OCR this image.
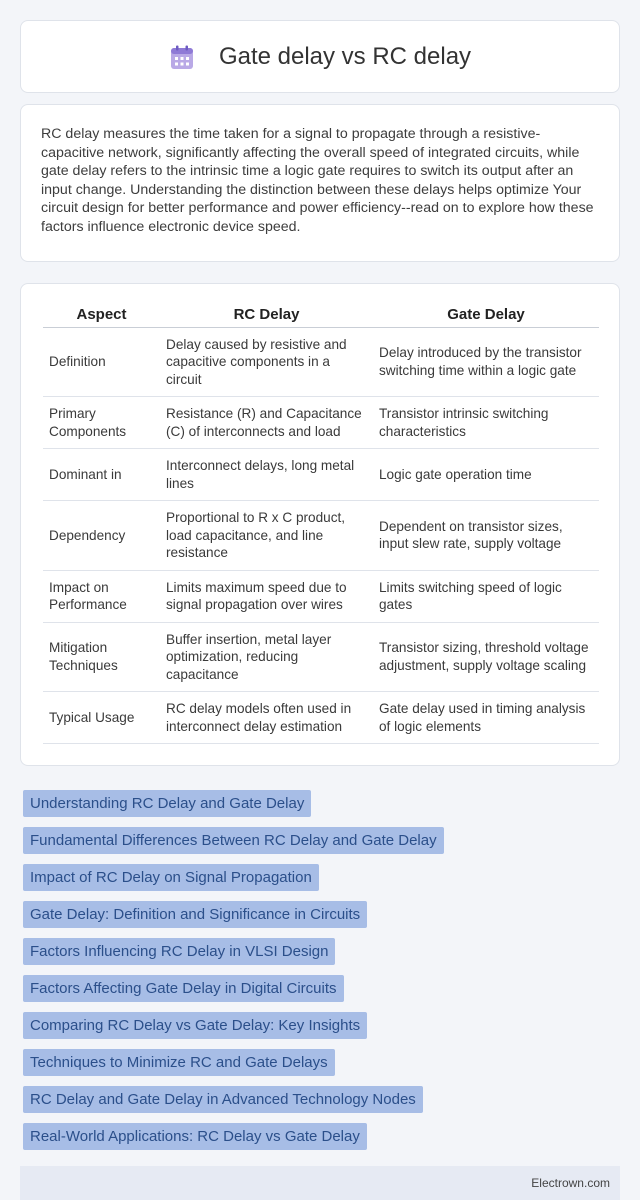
Gate delay vs RC delay

RC delay measures the time taken for a signal to propagate through a resistive-capacitive network, significantly affecting the overall speed of integrated circuits, while gate delay refers to the intrinsic time a logic gate requires to switch its output after an input change. Understanding the distinction between these delays helps optimize Your circuit design for better performance and power efficiency--read on to explore how these factors influence electronic device speed.

Aspect	RC Delay	Gate Delay
Definition	Delay caused by resistive and capacitive components in a circuit	Delay introduced by the transistor switching time within a logic gate
Primary Components	Resistance (R) and Capacitance (C) of interconnects and load	Transistor intrinsic switching characteristics
Dominant in	Interconnect delays, long metal lines	Logic gate operation time
Dependency	Proportional to R x C product, load capacitance, and line resistance	Dependent on transistor sizes, input slew rate, supply voltage
Impact on Performance	Limits maximum speed due to signal propagation over wires	Limits switching speed of logic gates
Mitigation Techniques	Buffer insertion, metal layer optimization, reducing capacitance	Transistor sizing, threshold voltage adjustment, supply voltage scaling
Typical Usage	RC delay models often used in interconnect delay estimation	Gate delay used in timing analysis of logic elements
Understanding RC Delay and Gate Delay
Fundamental Differences Between RC Delay and Gate Delay
Impact of RC Delay on Signal Propagation
Gate Delay: Definition and Significance in Circuits
Factors Influencing RC Delay in VLSI Design
Factors Affecting Gate Delay in Digital Circuits
Comparing RC Delay vs Gate Delay: Key Insights
Techniques to Minimize RC and Gate Delays
RC Delay and Gate Delay in Advanced Technology Nodes
Real-World Applications: RC Delay vs Gate Delay
Electrown.com
